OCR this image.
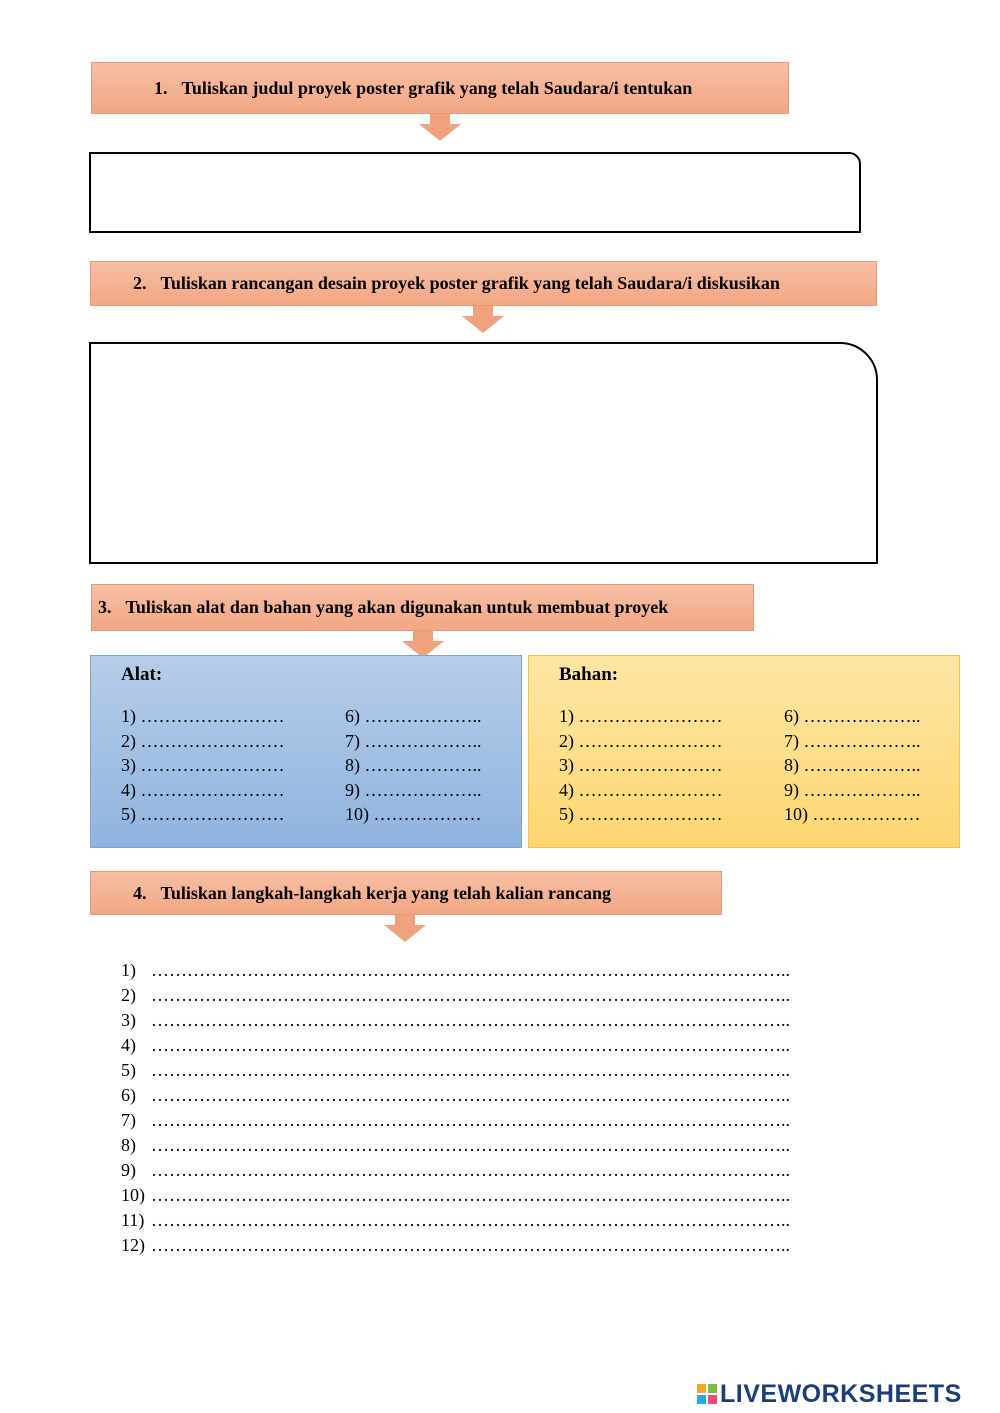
1. Tuliskan judul proyek poster grafik yang telah Saudara/i tentukan
2. Tuliskan rancangan desain proyek poster grafik yang telah Saudara/i diskusikan
3. Tuliskan alat dan bahan yang akan digunakan untuk membuat proyek
Alat:
1) ……………………
2) ……………………
3) ……………………
4) ……………………
5) ……………………
6) ………………..
7) ………………..
8) ………………..
9) ………………..
10) ………………
Bahan:
1) ……………………
2) ……………………
3) ……………………
4) ……………………
5) ……………………
6) ………………..
7) ………………..
8) ………………..
9) ………………..
10) ………………
4. Tuliskan langkah-langkah kerja yang telah kalian rancang
1) ……………………………………………………………………………………………..
2) ……………………………………………………………………………………………..
3) ……………………………………………………………………………………………..
4) ……………………………………………………………………………………………..
5) ……………………………………………………………………………………………..
6) ……………………………………………………………………………………………..
7) ……………………………………………………………………………………………..
8) ……………………………………………………………………………………………..
9) ……………………………………………………………………………………………..
10) ……………………………………………………………………………………………..
11) ……………………………………………………………………………………………..
12) ……………………………………………………………………………………………..
LIVEWORKSHEETS
